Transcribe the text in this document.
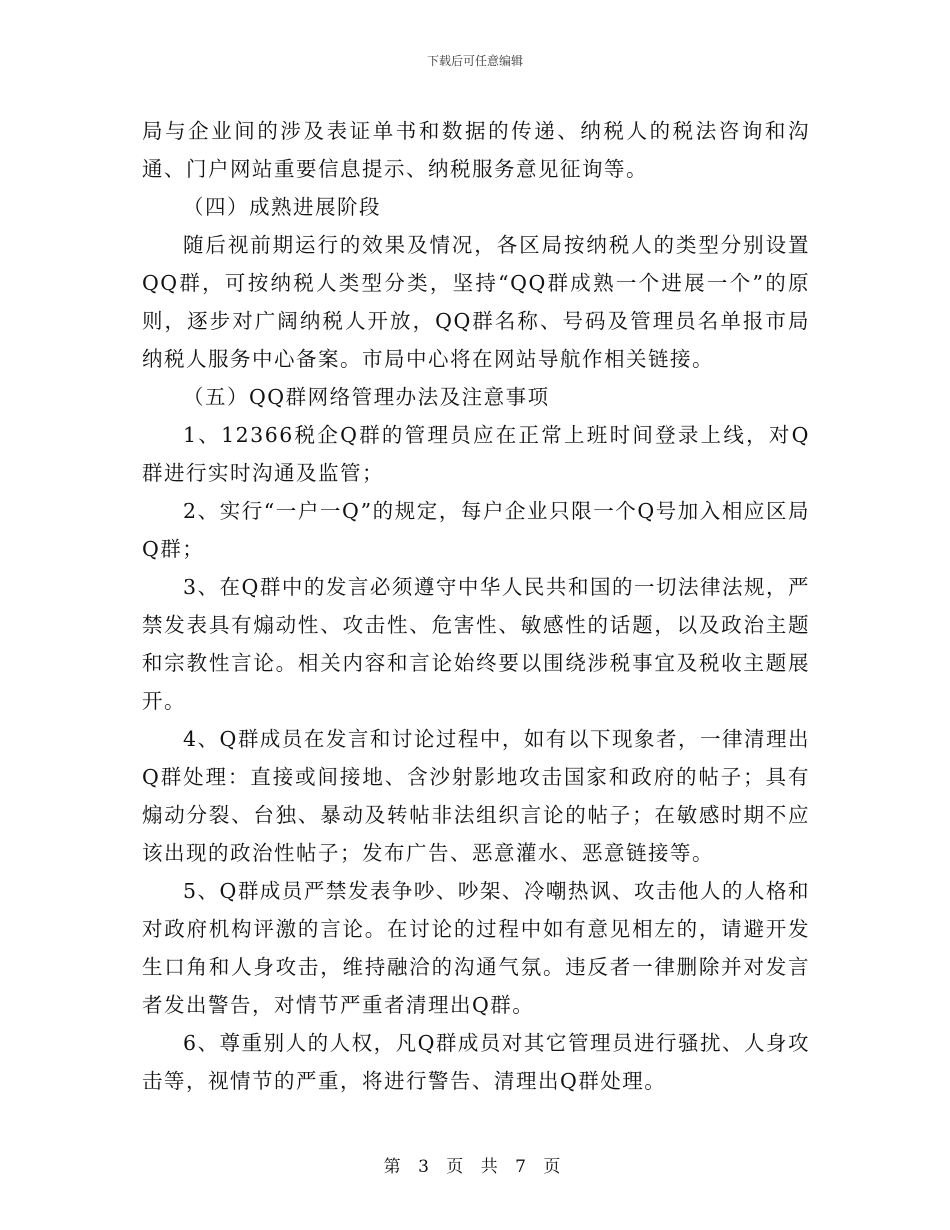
下载后可任意编辑

局与企业间的涉及表证单书和数据的传递、纳税人的税法咨询和沟通、门户网站重要信息提示、纳税服务意见征询等。

（四）成熟进展阶段

随后视前期运行的效果及情况，各区局按纳税人的类型分别设置QQ群，可按纳税人类型分类，坚持“QQ群成熟一个进展一个”的原则，逐步对广阔纳税人开放，QQ群名称、号码及管理员名单报市局纳税人服务中心备案。市局中心将在网站导航作相关链接。

（五）QQ群网络管理办法及注意事项

1、12366税企Q群的管理员应在正常上班时间登录上线，对Q群进行实时沟通及监管；

2、实行“一户一Q”的规定，每户企业只限一个Q号加入相应区局Q群；

3、在Q群中的发言必须遵守中华人民共和国的一切法律法规，严禁发表具有煽动性、攻击性、危害性、敏感性的话题，以及政治主题和宗教性言论。相关内容和言论始终要以围绕涉税事宜及税收主题展开。

4、Q群成员在发言和讨论过程中，如有以下现象者，一律清理出Q群处理：直接或间接地、含沙射影地攻击国家和政府的帖子；具有煽动分裂、台独、暴动及转帖非法组织言论的帖子；在敏感时期不应该出现的政治性帖子；发布广告、恶意灌水、恶意链接等。

5、Q群成员严禁发表争吵、吵架、冷嘲热讽、攻击他人的人格和对政府机构评激的言论。在讨论的过程中如有意见相左的，请避开发生口角和人身攻击，维持融洽的沟通气氛。违反者一律删除并对发言者发出警告，对情节严重者清理出Q群。

6、尊重别人的人权，凡Q群成员对其它管理员进行骚扰、人身攻击等，视情节的严重，将进行警告、清理出Q群处理。

第 3 页 共 7 页
